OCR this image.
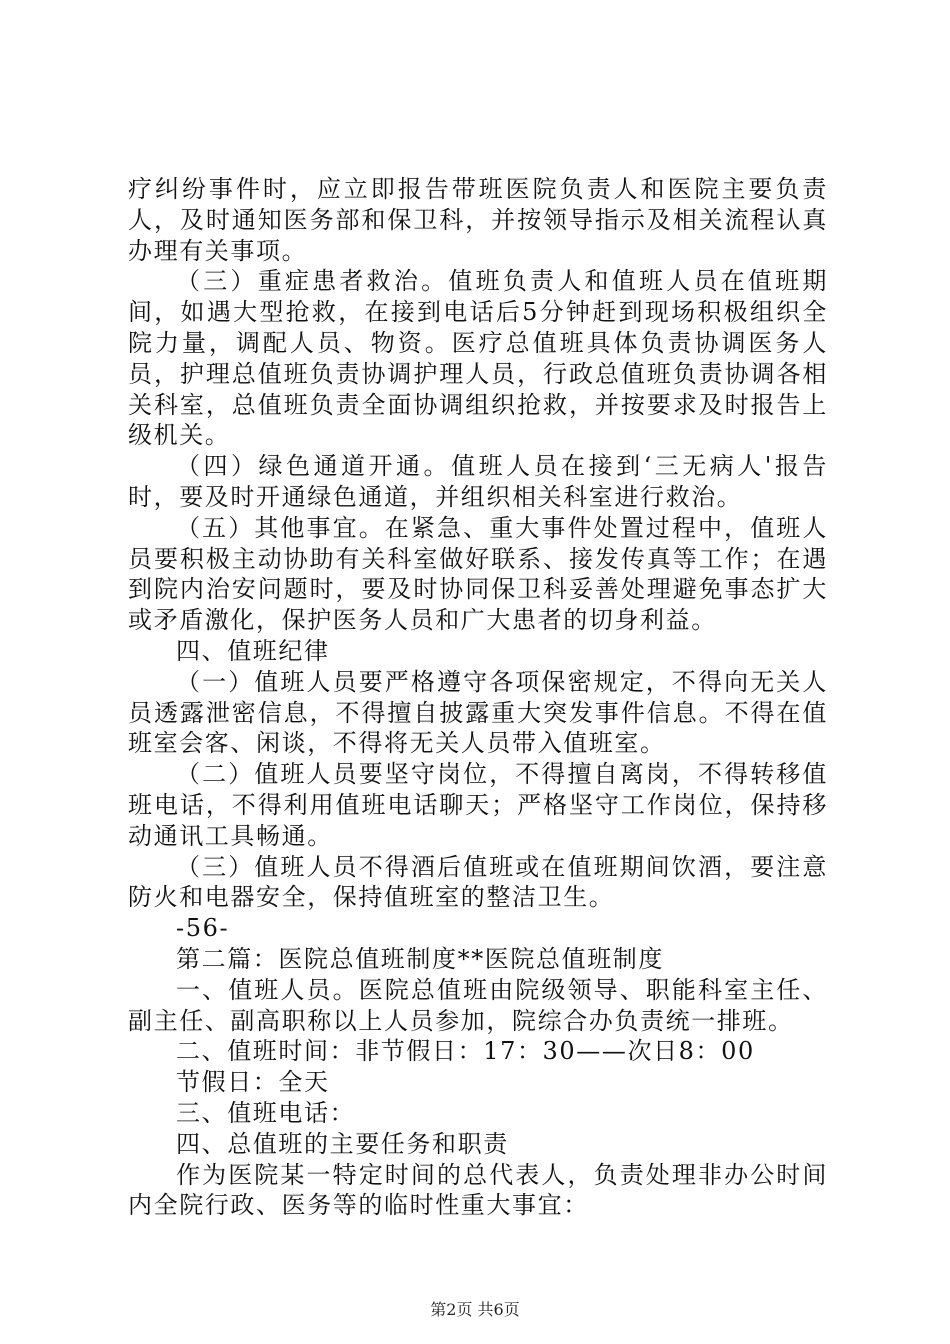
疗纠纷事件时，应立即报告带班医院负责人和医院主要负责人，及时通知医务部和保卫科，并按领导指示及相关流程认真办理有关事项。

（三）重症患者救治。值班负责人和值班人员在值班期间，如遇大型抢救，在接到电话后5分钟赶到现场积极组织全院力量，调配人员、物资。医疗总值班具体负责协调医务人员，护理总值班负责协调护理人员，行政总值班负责协调各相关科室，总值班负责全面协调组织抢救，并按要求及时报告上级机关。

（四）绿色通道开通。值班人员在接到‘三无病人'报告时，要及时开通绿色通道，并组织相关科室进行救治。

（五）其他事宜。在紧急、重大事件处置过程中，值班人员要积极主动协助有关科室做好联系、接发传真等工作；在遇到院内治安问题时，要及时协同保卫科妥善处理避免事态扩大或矛盾激化，保护医务人员和广大患者的切身利益。

四、值班纪律

（一）值班人员要严格遵守各项保密规定，不得向无关人员透露泄密信息，不得擅自披露重大突发事件信息。不得在值班室会客、闲谈，不得将无关人员带入值班室。

（二）值班人员要坚守岗位，不得擅自离岗，不得转移值班电话，不得利用值班电话聊天；严格坚守工作岗位，保持移动通讯工具畅通。

（三）值班人员不得酒后值班或在值班期间饮酒，要注意防火和电器安全，保持值班室的整洁卫生。

-56-

第二篇：医院总值班制度**医院总值班制度

一、值班人员。医院总值班由院级领导、职能科室主任、副主任、副高职称以上人员参加，院综合办负责统一排班。

二、值班时间：非节假日：17：30——次日8：00

节假日：全天

三、值班电话：

四、总值班的主要任务和职责

作为医院某一特定时间的总代表人，负责处理非办公时间内全院行政、医务等的临时性重大事宜：

第2页 共6页
